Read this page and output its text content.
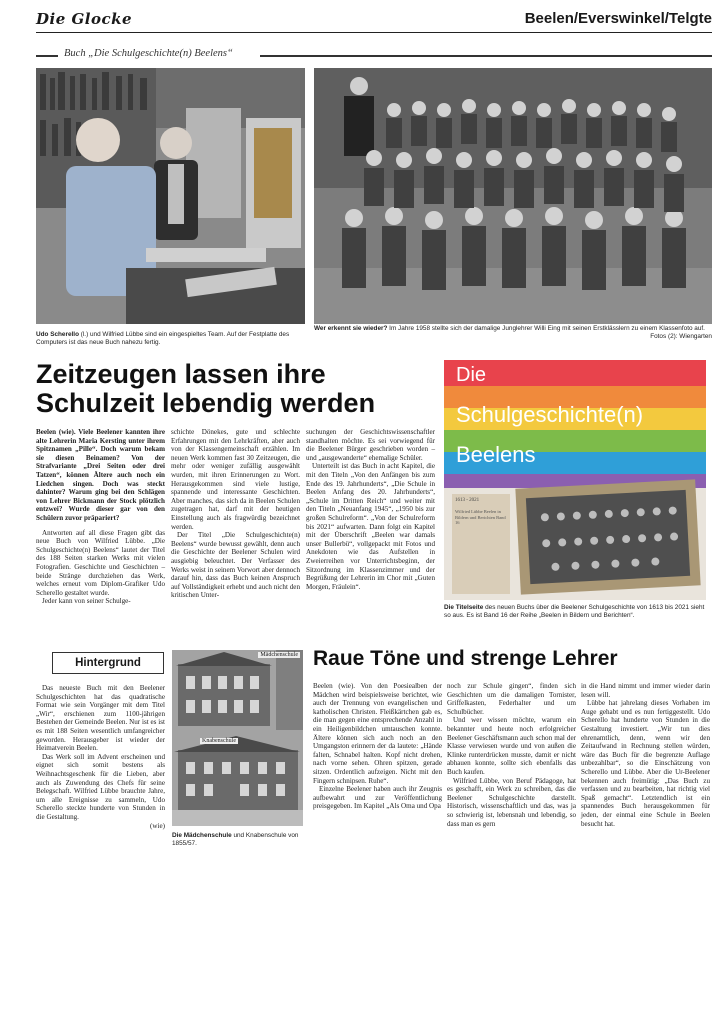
Die Glocke	Beelen/Everswinkel/Telgte
Buch „Die Schulgeschichte(n) Beelens“
Udo Scherello (l.) und Wilfried Lübbe sind ein eingespieltes Team. Auf der Festplatte des Computers ist das neue Buch nahezu fertig.
Wer erkennt sie wieder? Im Jahre 1958 stellte sich der damalige Junglehrer Willi Eing mit seinen Erstklässlern zu einem Klassenfoto auf.
Fotos (2): Wiengarten
Zeitzeugen lassen ihre
Schulzeit lebendig werden

Beelen (wie). Viele Beelener kannten ihre alte Lehrerin Maria Kersting unter ihrem Spitznamen „Pille“. Doch warum bekam sie diesen Beinamen? Von der Strafvariante „Drei Seiten oder drei Tatzen“, können Ältere auch noch ein Liedchen singen. Doch was steckt dahinter? Warum ging bei den Schlägen von Lehrer Bickmann der Stock plötzlich entzwei? Wurde dieser gar von den Schülern zuvor präpariert?

Antworten auf all diese Fragen gibt das neue Buch von Wilfried Lübbe. „Die Schulgeschichte(n) Beelens“ lautet der Titel des 188 Seiten starken Werks mit vielen Fotografien. Geschichte und Geschichten – beide Stränge durchziehen das Werk, welches erneut vom Diplom-Grafiker Udo Scherello gestaltet wurde.

Jeder kann von seiner Schulge-

schichte Dönekes, gute und schlechte Erfahrungen mit den Lehrkräften, aber auch von der Klassengemeinschaft erzählen. Im neuen Werk kommen fast 30 Zeitzeugen, die mehr oder weniger zufällig ausgewählt wurden, mit ihren Erinnerungen zu Wort. Herausgekommen sind viele lustige, spannende und interessante Geschichten. Aber manches, das sich da in Beelen Schulen zugetragen hat, darf mit der heutigen Einstellung auch als fragwürdig bezeichnet werden.

Der Titel „Die Schulgeschichte(n) Beelens“ wurde bewusst gewählt, denn auch die Geschichte der Beelener Schulen wird ausgiebig beleuchtet. Der Verfasser des Werks weist in seinem Vorwort aber dennoch darauf hin, dass das Buch keinen Anspruch auf Vollständigkeit erhebt und auch nicht den kritischen Unter-

suchungen der Geschichtswissenschaftler standhalten möchte. Es sei vorwiegend für die Beelener Bürger geschrieben worden – und „ausgewanderte“ ehemalige Schüler.

Unterteilt ist das Buch in acht Kapitel, die mit den Titeln „Von den Anfängen bis zum Ende des 19. Jahrhunderts“, „Die Schule in Beelen Anfang des 20. Jahrhunderts“, „Schule im Dritten Reich“ und weiter mit den Titeln „Neuanfang 1945“, „1950 bis zur großen Schulreform“. „Von der Schulreform bis 2021“ aufwarten. Dann folgt ein Kapitel mit der Überschrift „Beelen war damals unser Bullerbü“, vollgepackt mit Fotos und Anekdoten wie das Aufstellen in Zweierreihen vor Unterrichtsbeginn, der Sitzordnung im Klassenzimmer und der Begrüßung der Lehrerin im Chor mit „Guten Morgen, Fräulein“.

Die
Schulgeschichte(n)
Beelens
1613 - 2021
Wilfried Lübbe Beelen in Bildern und Berichten Band 16
Die Titelseite des neuen Buchs über die Beelener Schulgeschichte von 1613 bis 2021 sieht so aus. Es ist Band 16 der Reihe „Beelen in Bildern und Berichten“.
Hintergrund

Das neueste Buch mit den Beelener Schulgeschichten hat das quadratische Format wie sein Vorgänger mit dem Titel „Wir“, erschienen zum 1100-jährigen Bestehen der Gemeinde Beelen. Nur ist es ist es mit 188 Seiten wesentlich umfangreicher geworden. Herausgeber ist wieder der Heimatverein Beelen.

Das Werk soll im Advent erscheinen und eignet sich somit bestens als Weihnachtsgeschenk für die Lieben, aber auch als Zuwendung des Chefs für seine Belegschaft. Wilfried Lübbe brauchte Jahre, um alle Ereignisse zu sammeln, Udo Scherello steckte hunderte von Stunden in die Gestaltung.

(wie)
Mädchenschule
Knabenschule
Die Mädchenschule und Knabenschule von 1855/57.
Raue Töne und strenge Lehrer

Beelen (wie). Von den Poesiealben der Mädchen wird beispielsweise berichtet, wie auch der Trennung von evangelischen und katholischen Christen. Fleißkärtchen gab es, die man gegen eine entsprechende Anzahl in ein Heiligenbildchen umtauschen konnte. Ältere können sich auch noch an den Umgangston erinnern der da lautete: „Hände falten, Schnabel halten. Kopf nicht drehen, nach vorne sehen. Ohren spitzen, gerade sitzen. Ordentlich aufzeigen. Nicht mit den Fingern schnipsen. Ruhe“.

Einzelne Beelener haben auch ihr Zeugnis aufbewahrt und zur Veröffentlichung preisgegeben. Im Kapitel „Als Oma und Opa

noch zur Schule gingen“, finden sich Geschichten um die damaligen Tornister, Griffelkasten, Federhalter und um Schulbücher.

Und wer wissen möchte, warum ein bekannter und heute noch erfolgreicher Beelener Geschäftsmann auch schon mal der Klasse verwiesen wurde und von außen die Klinke runterdrücken musste, damit er nicht abhauen konnte, sollte sich ebenfalls das Buch kaufen.

Wilfried Lübbe, von Beruf Pädagoge, hat es geschafft, ein Werk zu schreiben, das die Beelener Schulgeschichte darstellt. Historisch, wissenschaftlich und das, was ja so schwierig ist, lebensnah und lebendig, so dass man es gern

in die Hand nimmt und immer wieder darin lesen will.

Lübbe hat jahrelang dieses Vorhaben im Auge gehabt und es nun fertiggestellt. Udo Scherello hat hunderte von Stunden in die Gestaltung investiert. „Wir tun dies ehrenamtlich, denn, wenn wir den Zeitaufwand in Rechnung stellen würden, wäre das Buch für die begrenzte Auflage unbezahlbar“, so die Einschätzung von Scherello und Lübbe. Aber die Ur-Beelener bekennen auch freimütig: „Das Buch zu verfassen und zu bearbeiten, hat richtig viel Spaß gemacht“. Letztendlich ist ein spannendes Buch herausgekommen für jeden, der einmal eine Schule in Beelen besucht hat.
